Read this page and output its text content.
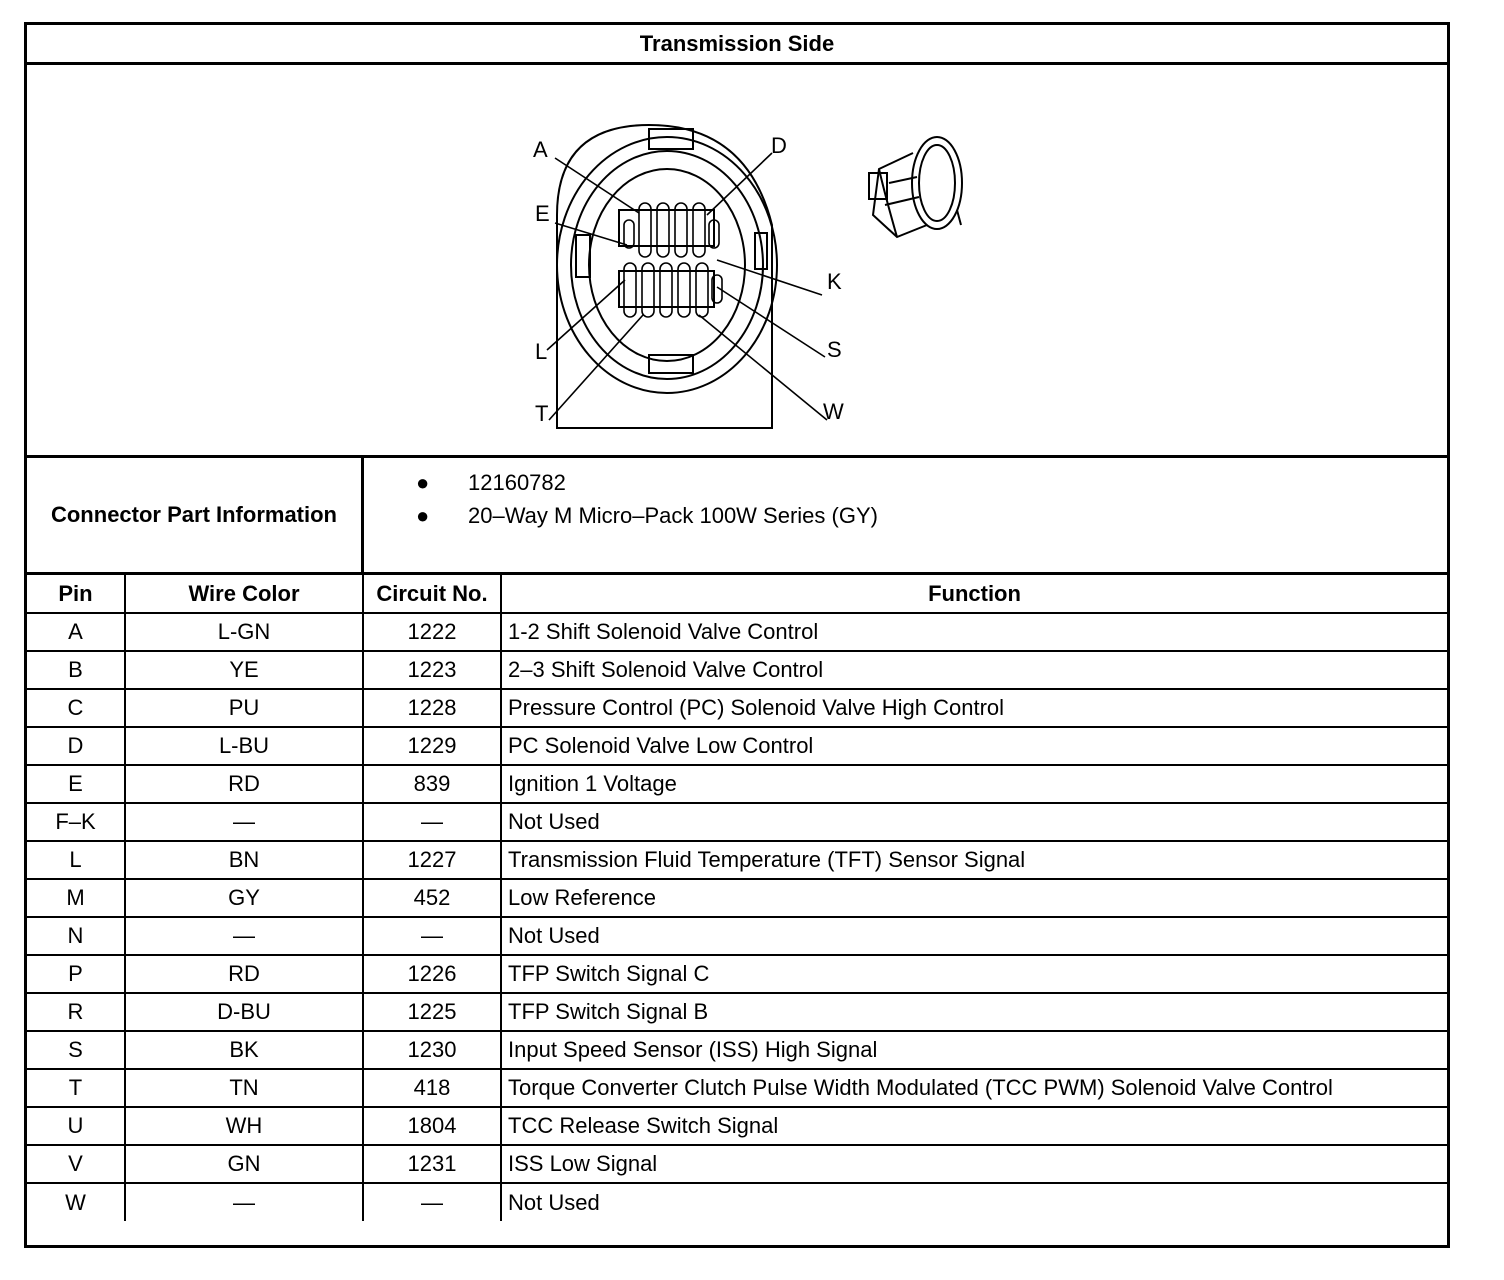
Transmission Side
A	D
E
K
L	S
T	W
Connector Part Information
● 12160782
● 20–Way M Micro–Pack 100W Series (GY)
Pin	Wire Color	Circuit No.	Function
A	L-GN	1222	1-2 Shift Solenoid Valve Control
B	YE	1223	2–3 Shift Solenoid Valve Control
C	PU	1228	Pressure Control (PC) Solenoid Valve High Control
D	L-BU	1229	PC Solenoid Valve Low Control
E	RD	839	Ignition 1 Voltage
F–K	—	—	Not Used
L	BN	1227	Transmission Fluid Temperature (TFT) Sensor Signal
M	GY	452	Low Reference
N	—	—	Not Used
P	RD	1226	TFP Switch Signal C
R	D-BU	1225	TFP Switch Signal B
S	BK	1230	Input Speed Sensor (ISS) High Signal
T	TN	418	Torque Converter Clutch Pulse Width Modulated (TCC PWM) Solenoid Valve Control
U	WH	1804	TCC Release Switch Signal
V	GN	1231	ISS Low Signal
W	—	—	Not Used
